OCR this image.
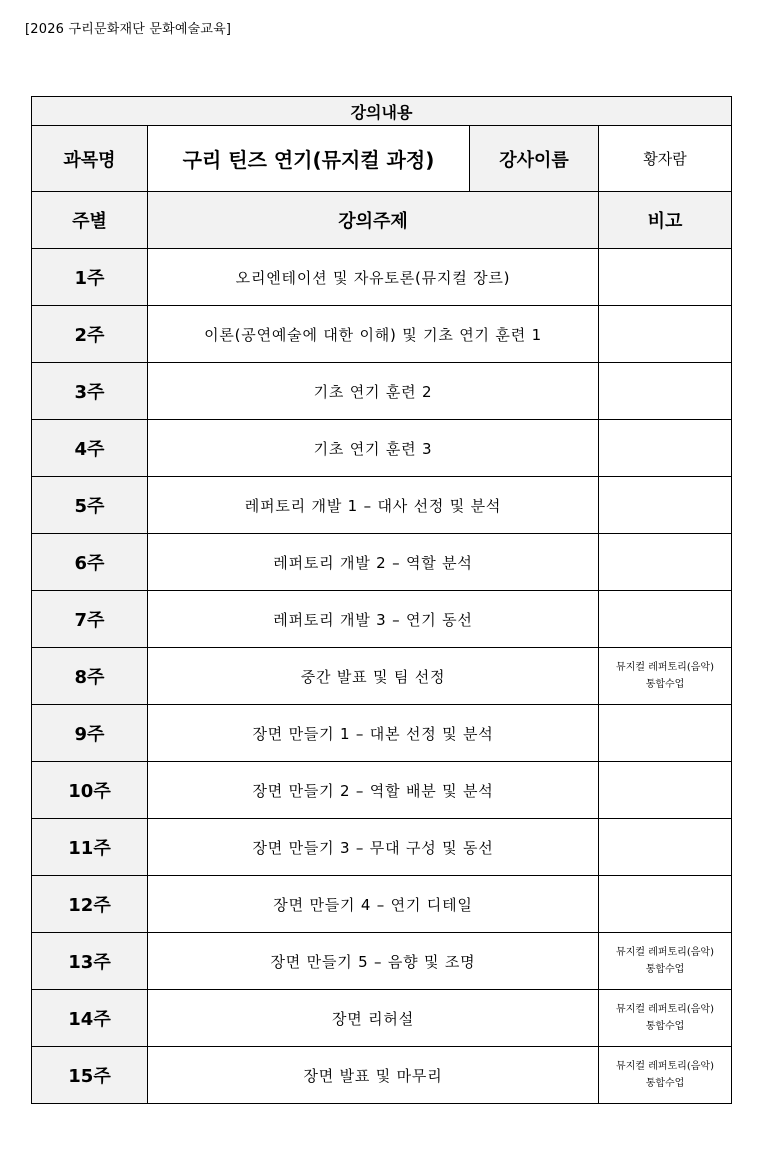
[2026 구리문화재단 문화예술교육]
강의내용			
과목명	구리 틴즈 연기(뮤지컬 과정)	강사이름	황자람
주별	강의주제		비고
1주	오리엔테이션 및 자유토론(뮤지컬 장르)		
2주	이론(공연예술에 대한 이해) 및 기초 연기 훈련 1		
3주	기초 연기 훈련 2		
4주	기초 연기 훈련 3		
5주	레퍼토리 개발 1 – 대사 선정 및 분석		
6주	레퍼토리 개발 2 – 역할 분석		
7주	레퍼토리 개발 3 – 연기 동선		
8주	중간 발표 및 팀 선정		뮤지컬 레퍼토리(음악)
통합수업
9주	장면 만들기 1 – 대본 선정 및 분석		
10주	장면 만들기 2 – 역할 배분 및 분석		
11주	장면 만들기 3 – 무대 구성 및 동선		
12주	장면 만들기 4 – 연기 디테일		
13주	장면 만들기 5 – 음향 및 조명		뮤지컬 레퍼토리(음악)
통합수업
14주	장면 리허설		뮤지컬 레퍼토리(음악)
통합수업
15주	장면 발표 및 마무리		뮤지컬 레퍼토리(음악)
통합수업
